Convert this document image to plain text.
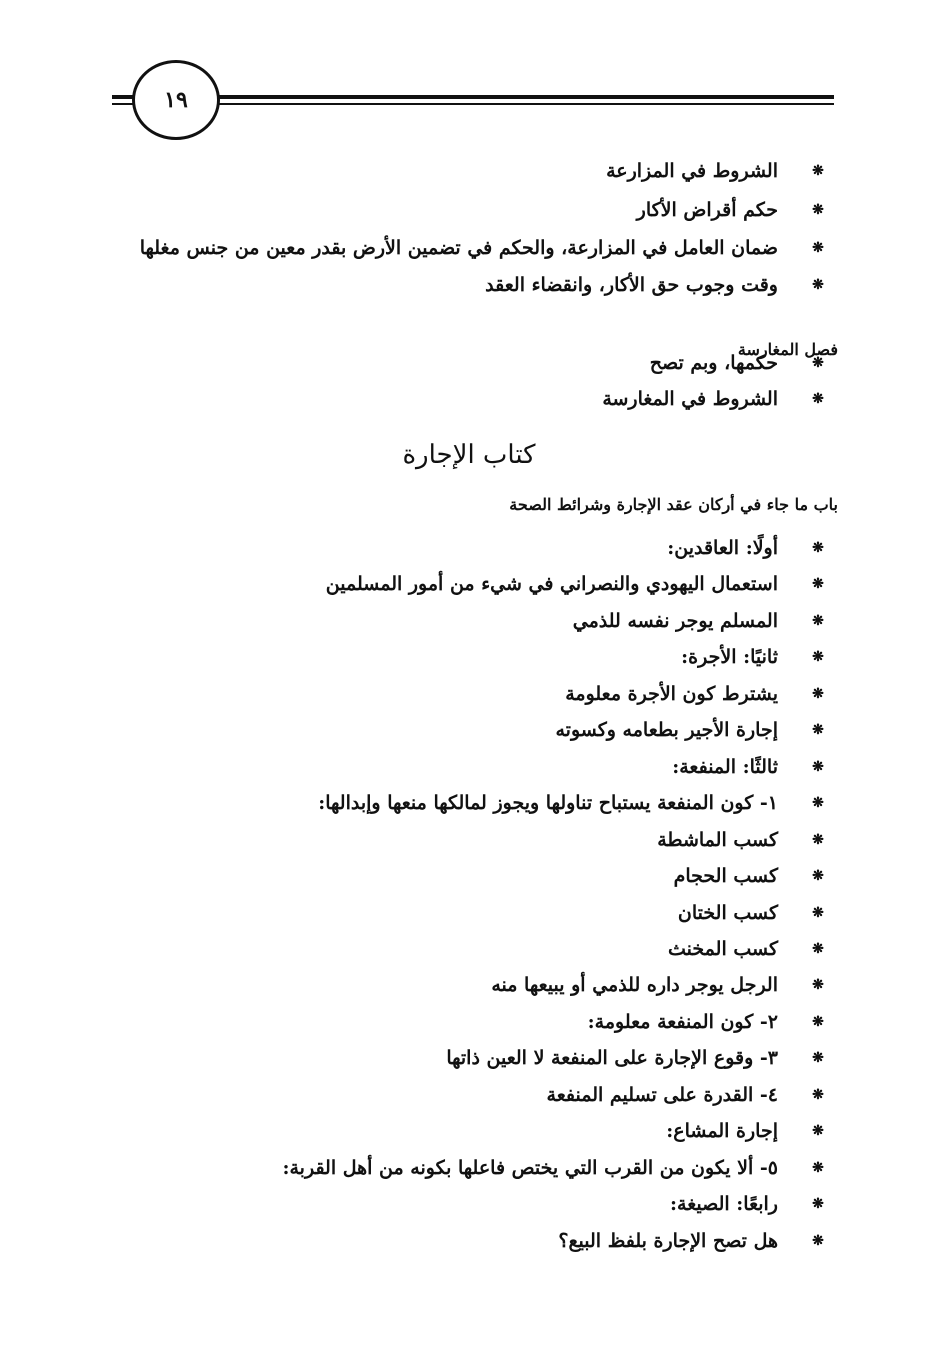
١٩
❋
الشروط في المزارعة
❋
حكم أقراض الأكار
❋
ضمان العامل في المزارعة، والحكم في تضمين الأرض بقدر معين من جنس مغلها
❋
وقت وجوب حق الأكار، وانقضاء العقد
فصل المغارسة
❋
حكمها، وبم تصح
❋
الشروط في المغارسة
كتاب الإجارة
باب ما جاء في أركان عقد الإجارة وشرائط الصحة
❋
أولًا: العاقدين:
❋
استعمال اليهودي والنصراني في شيء من أمور المسلمين
❋
المسلم يوجر نفسه للذمي
❋
ثانيًا: الأجرة:
❋
يشترط كون الأجرة معلومة
❋
إجارة الأجير بطعامه وكسوته
❋
ثالثًا: المنفعة:
❋
١- كون المنفعة يستباح تناولها ويجوز لمالكها منعها وإبدالها:
❋
كسب الماشطة
❋
كسب الحجام
❋
كسب الختان
❋
كسب المخنث
❋
الرجل يوجر داره للذمي أو يبيعها منه
❋
٢- كون المنفعة معلومة:
❋
٣- وقوع الإجارة على المنفعة لا العين ذاتها
❋
٤- القدرة على تسليم المنفعة
❋
إجارة المشاع:
❋
٥- ألا يكون من القرب التي يختص فاعلها بكونه من أهل القربة:
❋
رابعًا: الصيغة:
❋
هل تصح الإجارة بلفظ البيع؟
